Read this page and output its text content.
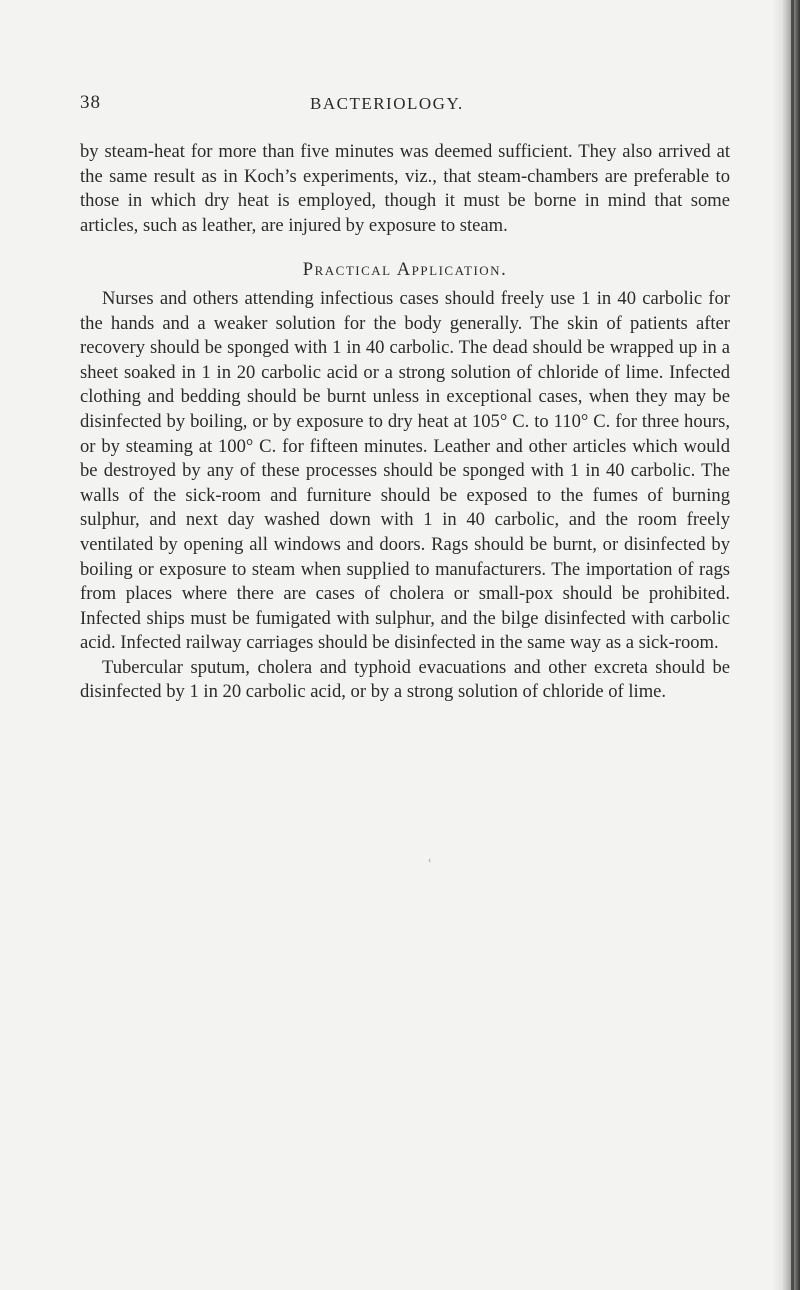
38	BACTERIOLOGY.

by steam-heat for more than five minutes was deemed sufficient. They also arrived at the same result as in Koch’s experiments, viz., that steam-chambers are preferable to those in which dry heat is employed, though it must be borne in mind that some articles, such as leather, are injured by exposure to steam.

Practical Application.

Nurses and others attending infectious cases should freely use 1 in 40 carbolic for the hands and a weaker solution for the body generally. The skin of patients after recovery should be sponged with 1 in 40 carbolic. The dead should be wrapped up in a sheet soaked in 1 in 20 carbolic acid or a strong solution of chloride of lime. Infected clothing and bedding should be burnt unless in exceptional cases, when they may be disinfected by boiling, or by exposure to dry heat at 105° C. to 110° C. for three hours, or by steaming at 100° C. for fifteen minutes. Leather and other articles which would be destroyed by any of these processes should be sponged with 1 in 40 carbolic. The walls of the sick-room and furniture should be exposed to the fumes of burning sulphur, and next day washed down with 1 in 40 carbolic, and the room freely ventilated by opening all windows and doors. Rags should be burnt, or disinfected by boiling or exposure to steam when supplied to manufacturers. The importation of rags from places where there are cases of cholera or small-pox should be prohibited. Infected ships must be fumigated with sulphur, and the bilge disinfected with carbolic acid. Infected railway carriages should be disinfected in the same way as a sick-room.

Tubercular sputum, cholera and typhoid evacuations and other excreta should be disinfected by 1 in 20 carbolic acid, or by a strong solution of chloride of lime.

‹
